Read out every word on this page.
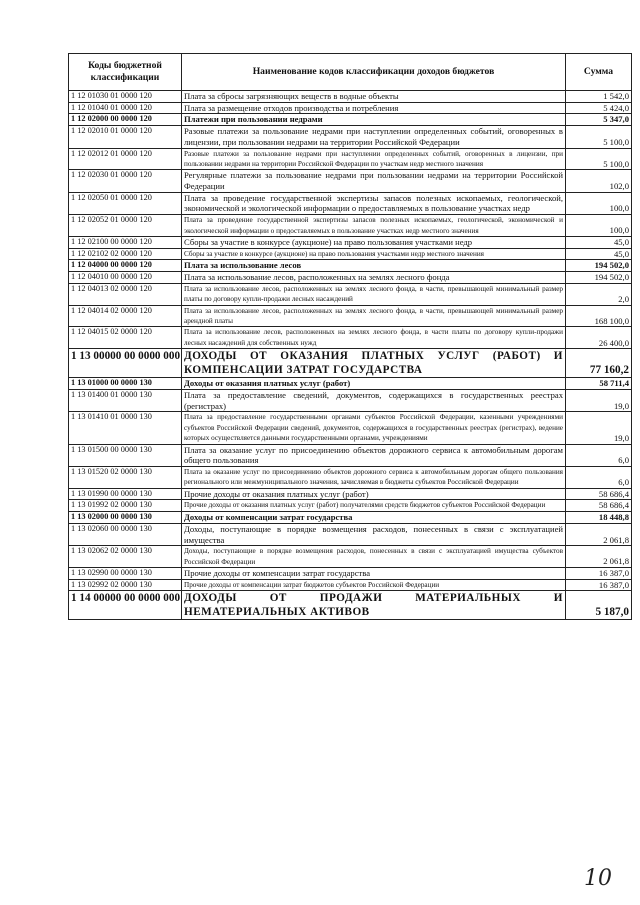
Коды бюджетной классификации	Наименование кодов классификации доходов бюджетов	Сумма
1 12 01030 01 0000 120	Плата за сбросы загрязняющих веществ в водные объекты	1 542,0
1 12 01040 01 0000 120	Плата за размещение отходов производства и потребления	5 424,0
1 12 02000 00 0000 120	Платежи при пользовании недрами	5 347,0
1 12 02010 01 0000 120	Разовые платежи за пользование недрами при наступлении определенных событий, оговоренных в лицензии, при пользовании недрами на территории Российской Федерации	5 100,0
1 12 02012 01 0000 120	Разовые платежи за пользование недрами при наступлении определенных событий, оговоренных в лицензии, при пользовании недрами на территории Российской Федерации по участкам недр местного значения	5 100,0
1 12 02030 01 0000 120	Регулярные платежи за пользование недрами при пользовании недрами на территории Российской Федерации	102,0
1 12 02050 01 0000 120	Плата за проведение государственной экспертизы запасов полезных ископаемых, геологической, экономической и экологической информации о предоставляемых в пользование участках недр	100,0
1 12 02052 01 0000 120	Плата за проведение государственной экспертизы запасов полезных ископаемых, геологической, экономической и экологической информации о предоставляемых в пользование участках недр местного значения	100,0
1 12 02100 00 0000 120	Сборы за участие в конкурсе (аукционе) на право пользования участками недр	45,0
1 12 02102 02 0000 120	Сборы за участие в конкурсе (аукционе) на право пользования участками недр местного значения	45,0
1 12 04000 00 0000 120	Плата за использование лесов	194 502,0
1 12 04010 00 0000 120	Плата за использование лесов, расположенных на землях лесного фонда	194 502,0
1 12 04013 02 0000 120	Плата за использование лесов, расположенных на землях лесного фонда, в части, превышающей минимальный размер платы по договору купли-продажи лесных насаждений	2,0
1 12 04014 02 0000 120	Плата за использование лесов, расположенных на землях лесного фонда, в части, превышающей минимальный размер арендной платы	168 100,0
1 12 04015 02 0000 120	Плата за использование лесов, расположенных на землях лесного фонда, в части платы по договору купли-продажи лесных насаждений для собственных нужд	26 400,0
1 13 00000 00 0000 000	ДОХОДЫ ОТ ОКАЗАНИЯ ПЛАТНЫХ УСЛУГ (РАБОТ) И КОМПЕНСАЦИИ ЗАТРАТ ГОСУДАРСТВА	77 160,2
1 13 01000 00 0000 130	Доходы от оказания платных услуг (работ)	58 711,4
1 13 01400 01 0000 130	Плата за предоставление сведений, документов, содержащихся в государственных реестрах (регистрах)	19,0
1 13 01410 01 0000 130	Плата за предоставление государственными органами субъектов Российской Федерации, казенными учреждениями субъектов Российской Федерации сведений, документов, содержащихся в государственных реестрах (регистрах), ведение которых осуществляется данными государственными органами, учреждениями	19,0
1 13 01500 00 0000 130	Плата за оказание услуг по присоединению объектов дорожного сервиса к автомобильным дорогам общего пользования	6,0
1 13 01520 02 0000 130	Плата за оказание услуг по присоединению объектов дорожного сервиса к автомобильным дорогам общего пользования регионального или межмуниципального значения, зачисляемая в бюджеты субъектов Российской Федерации	6,0
1 13 01990 00 0000 130	Прочие доходы от оказания платных услуг (работ)	58 686,4
1 13 01992 02 0000 130	Прочие доходы от оказания платных услуг (работ) получателями средств бюджетов субъектов Российской Федерации	58 686,4
1 13 02000 00 0000 130	Доходы от компенсации затрат государства	18 448,8
1 13 02060 00 0000 130	Доходы, поступающие в порядке возмещения расходов, понесенных в связи с эксплуатацией имущества	2 061,8
1 13 02062 02 0000 130	Доходы, поступающие в порядке возмещения расходов, понесенных в связи с эксплуатацией имущества субъектов Российской Федерации	2 061,8
1 13 02990 00 0000 130	Прочие доходы от компенсации затрат государства	16 387,0
1 13 02992 02 0000 130	Прочие доходы от компенсации затрат бюджетов субъектов Российской Федерации	16 387,0
1 14 00000 00 0000 000	ДОХОДЫ ОТ ПРОДАЖИ МАТЕРИАЛЬНЫХ И НЕМАТЕРИАЛЬНЫХ АКТИВОВ	5 187,0
10
